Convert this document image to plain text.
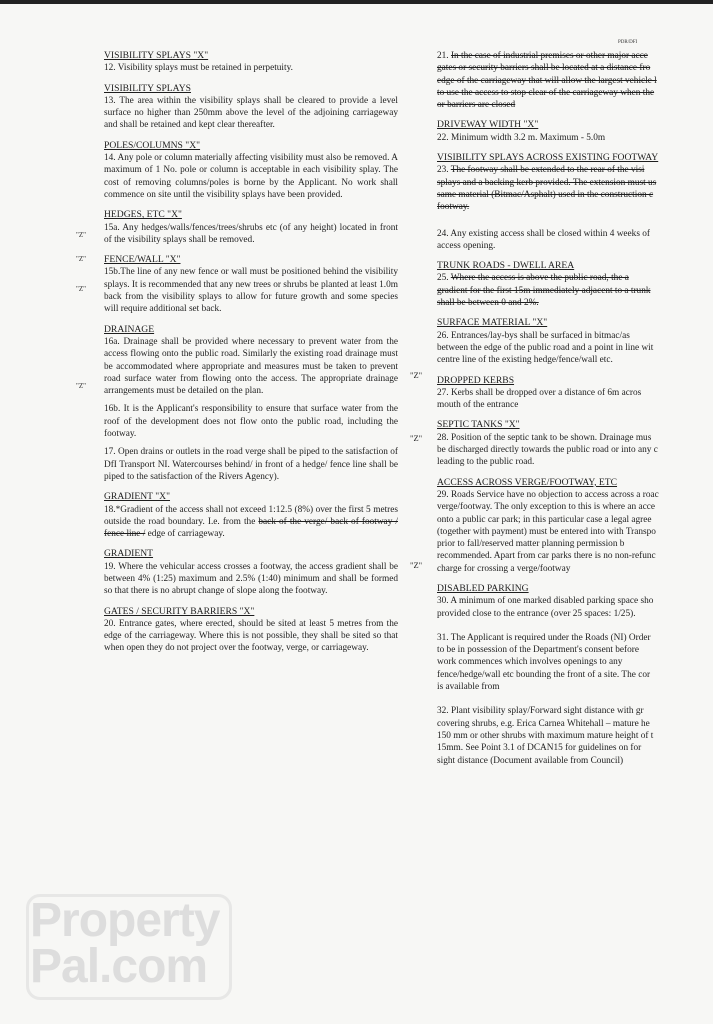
PDR/DFI
VISIBILITY SPLAYS "X"
12. Visibility splays must be retained in perpetuity.
VISIBILITY SPLAYS
13. The area within the visibility splays shall be cleared to provide a level surface no higher than 250mm above the level of the adjoining carriageway and shall be retained and kept clear thereafter.
POLES/COLUMNS "X"
14. Any pole or column materially affecting visibility must also be removed. A maximum of 1 No. pole or column is acceptable in each visibility splay. The cost of removing columns/poles is borne by the Applicant. No work shall commence on site until the visibility splays have been provided.
HEDGES, ETC "X"
15a. Any hedges/walls/fences/trees/shrubs etc (of any height) located in front of the visibility splays shall be removed.
FENCE/WALL "X"
15b.The line of any new fence or wall must be positioned behind the visibility splays. It is recommended that any new trees or shrubs be planted at least 1.0m back from the visibility splays to allow for future growth and some species will require additional set back.
DRAINAGE
16a. Drainage shall be provided where necessary to prevent water from the access flowing onto the public road. Similarly the existing road drainage must be accommodated where appropriate and measures must be taken to prevent road surface water from flowing onto the access. The appropriate drainage arrangements must be detailed on the plan.
16b. It is the Applicant's responsibility to ensure that surface water from the roof of the development does not flow onto the public road, including the footway.
17. Open drains or outlets in the road verge shall be piped to the satisfaction of DfI Transport NI. Watercourses behind/ in front of a hedge/ fence line shall be piped to the satisfaction of the Rivers Agency).
GRADIENT "X"
18.*Gradient of the access shall not exceed 1:12.5 (8%) over the first 5 metres outside the road boundary. I.e. from the back of the verge/ back of footway / fence line / edge of carriageway.
GRADIENT
19. Where the vehicular access crosses a footway, the access gradient shall be between 4% (1:25) maximum and 2.5% (1:40) minimum and shall be formed so that there is no abrupt change of slope along the footway.
GATES / SECURITY BARRIERS "X"
20. Entrance gates, where erected, should be sited at least 5 metres from the edge of the carriageway. Where this is not possible, they shall be sited so that when open they do not project over the footway, verge, or carriageway.
"Z"
"Z"
"Z"
"Z"
"Z"
"Z"
"Z"
21. In the case of industrial premises or other major acce
gates or security barriers shall be located at a distance fro
edge of the carriageway that will allow the largest vehicle l
to use the access to stop clear of the carriageway when the
or barriers are closed
DRIVEWAY WIDTH "X"
22. Minimum width 3.2 m. Maximum - 5.0m
VISIBILITY SPLAYS ACROSS EXISTING FOOTWAY
23. The footway shall be extended to the rear of the visi
splays and a backing kerb provided. The extension must us
same material (Bitmac/Asphalt) used in the construction c
footway.
24. Any existing access shall be closed within 4 weeks of
access opening.
TRUNK ROADS - DWELL AREA
25. Where the access is above the public road, the a
gradient for the first 15m immediately adjacent to a trunk
shall be between 0 and 2%.
SURFACE MATERIAL "X"
26. Entrances/lay-bys shall be surfaced in bitmac/as
between the edge of the public road and a point in line wit
centre line of the existing hedge/fence/wall etc.
DROPPED KERBS
27. Kerbs shall be dropped over a distance of 6m acros
mouth of the entrance
SEPTIC TANKS "X"
28. Position of the septic tank to be shown. Drainage mus
be discharged directly towards the public road or into any c
leading to the public road.
ACCESS ACROSS VERGE/FOOTWAY, ETC
29. Roads Service have no objection to access across a roac
verge/footway. The only exception to this is where an acce
onto a public car park; in this particular case a legal agree
(together with payment) must be entered into with Transpo
prior to fall/reserved matter planning permission b
recommended. Apart from car parks there is no non-refunc
charge for crossing a verge/footway
DISABLED PARKING
30. A minimum of one marked disabled parking space sho
provided close to the entrance (over 25 spaces: 1/25).
31. The Applicant is required under the Roads (NI) Order
to be in possession of the Department's consent before
work commences which involves openings to any
fence/hedge/wall etc bounding the front of a site. The cor
is available from
32. Plant visibility splay/Forward sight distance with gr
covering shrubs, e.g. Erica Carnea Whitehall – mature he
150 mm or other shrubs with maximum mature height of t
15mm. See Point 3.1 of DCAN15 for guidelines on for
sight distance (Document available from Council)
Property
Pal.com
